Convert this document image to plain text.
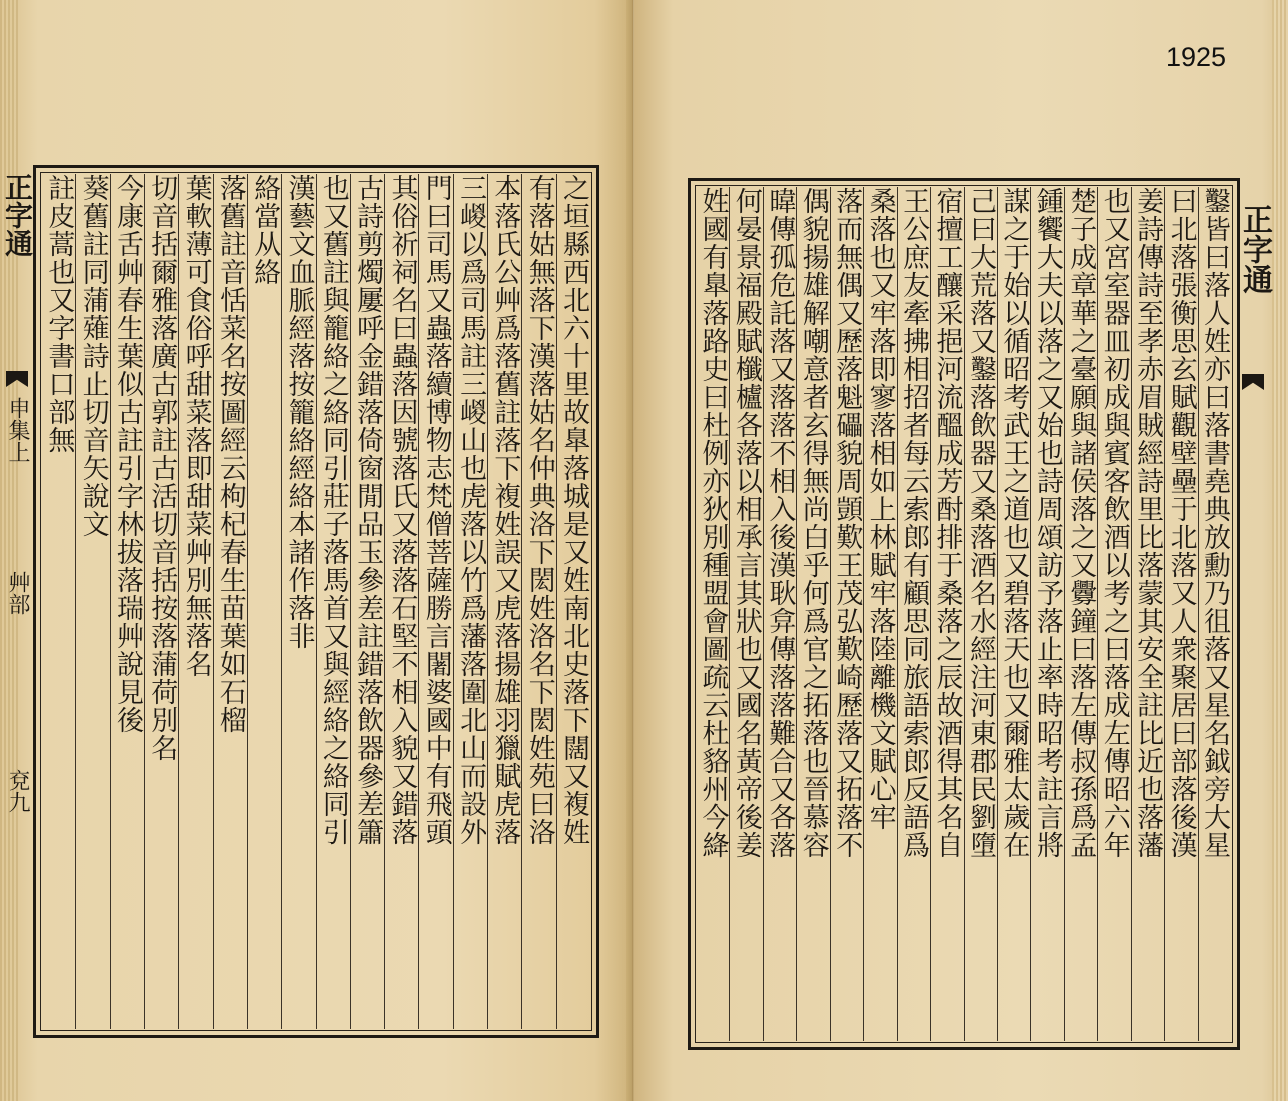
正字通
申集上
艸部
兗九	之垣縣西北六十里故臯落城是又姓南北史落下闊又複姓
有落姑無落下漢落姑名仲典洛下閎姓洛名下閎姓苑曰洛
本落氏公艸爲落舊註落下複姓誤又虎落揚雄羽獵賦虎落
三嵕以爲司馬註三嵕山也虎落以竹爲藩落圍北山而設外
門曰司馬又蟲落續博物志梵僧菩薩勝言闍婆國中有飛頭
其俗祈祠名曰蟲落因號落氏又落落石堅不相入貌又錯落
古詩剪燭屢呼金錯落倚窗閒品玉參差註錯落飲器參差簫
也又舊註與籠絡之絡同引莊子落馬首又與經絡之絡同引
漢藝文血脈經落按籠絡經絡本諸作落非
絡當从絡
落舊註音恬菜名按圖經云枸杞春生苗葉如石榴
葉軟薄可食俗呼甜菜落即甜菜艸別無落名
切音括爾雅落廣古郭註古活切音括按落蒲荷別名
今康舌艸春生葉似古註引字林拔落瑞艸說見後
葵舊註同蒲薙詩止切音矢說文
註皮蒿也又字書口部無	鑿皆曰落人姓亦曰落書堯典放勳乃徂落又星名鉞旁大星
曰北落張衡思玄賦觀壁壘于北落又人衆聚居曰部落後漢
姜詩傳詩至孝赤眉賊經詩里比落蒙其安全註比近也落藩
也又宮室器皿初成與賓客飲酒以考之曰落成左傳昭六年
楚子成章華之臺願與諸侯落之又釁鐘曰落左傳叔孫爲孟
鍾饗大夫以落之又始也詩周頌訪予落止率時昭考註言將
謀之于始以循昭考武王之道也又碧落天也又爾雅太歲在
己曰大荒落又鑿落飲器又桑落酒名水經注河東郡民劉墮
宿擅工釀采挹河流醞成芳酎排于桑落之辰故酒得其名自
王公庶友牽拂相招者每云索郎有顧思同旅語索郎反語爲
桑落也又牢落即寥落相如上林賦牢落陸離機文賦心牢
落而無偶又歷落魁礧貌周顗歎王茂弘歎崎歷落又拓落不
偶貌揚雄解嘲意者玄得無尚白乎何爲官之拓落也晉慕容
暐傳孤危託落又落落不相入後漢耿弇傳落落難合又各落
何晏景福殿賦櫼櫨各落以相承言其狀也又國名黃帝後姜
姓國有臯落路史曰杜例亦狄別種盟會圖疏云杜貉州今絳	正字通
1925
